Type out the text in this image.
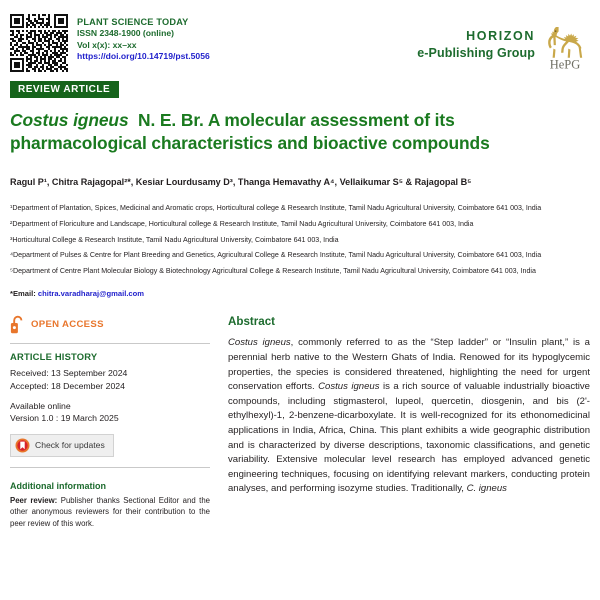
PLANT SCIENCE TODAY
ISSN 2348-1900 (online)
Vol x(x): xx–xx
https://doi.org/10.14719/pst.5056
HORIZON
e-Publishing Group
HePG
REVIEW ARTICLE
Costus igneus N. E. Br. A molecular assessment of its pharmacological characteristics and bioactive compounds
Ragul P¹, Chitra Rajagopal²*, Kesiar Lourdusamy D³, Thanga Hemavathy A⁴, Vellaikumar S⁵ & Rajagopal B⁵
¹Department of Plantation, Spices, Medicinal and Aromatic crops, Horticultural college & Research Institute, Tamil Nadu Agricultural University, Coimbatore 641 003, India
²Department of Floriculture and Landscape, Horticultural college & Research Institute, Tamil Nadu Agricultural University, Coimbatore 641 003, India
³Horticultural College & Research Institute, Tamil Nadu Agricultural University, Coimbatore 641 003, India
⁴Department of Pulses & Centre for Plant Breeding and Genetics, Agricultural College & Research Institute, Tamil Nadu Agricultural University, Coimbatore 641 003, India
⁵Department of Centre Plant Molecular Biology & Biotechnology Agricultural College & Research Institute, Tamil Nadu Agricultural University, Coimbatore 641 003, India
*Email: chitra.varadharaj@gmail.com
OPEN ACCESS
ARTICLE HISTORY
Received: 13 September 2024
Accepted: 18 December 2024
Available online
Version 1.0 : 19 March 2025
Check for updates
Additional information
Peer review: Publisher thanks Sectional Editor and the other anonymous reviewers for their contribution to the peer review of this work.
Abstract
Costus igneus, commonly referred to as the “Step ladder” or “Insulin plant,” is a perennial herb native to the Western Ghats of India. Renowed for its hypoglycemic properties, the species is considered threatened, highlighting the need for urgent conservation efforts. Costus igneus is a rich source of valuable industrially bioactive compounds, including stigmasterol, lupeol, quercetin, diosgenin, and bis (2'-ethylhexyl)-1, 2-benzene-dicarboxylate. It is well-recognized for its ethonomedicinal applications in India, Africa, China. This plant exhibits a wide geographic distribution and is characterized by diverse descriptions, taxonomic classifications, and genetic variability. Extensive molecular level research has employed advanced genetic engineering techniques, focusing on identifying relevant markers, conducting protein analyses, and performing isozyme studies. Traditionally, C. igneus
